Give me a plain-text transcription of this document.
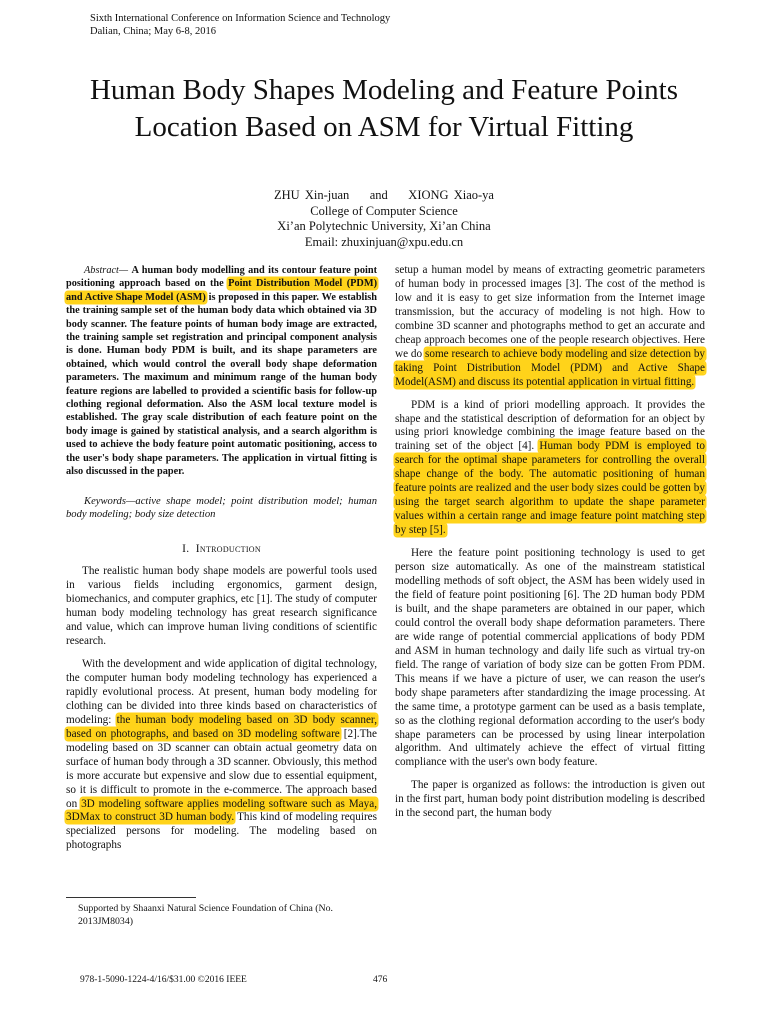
Sixth International Conference on Information Science and Technology
Dalian, China; May 6-8, 2016
Human Body Shapes Modeling and Feature Points
Location Based on ASM for Virtual Fitting
ZHU Xin-juan    and    XIONG Xiao-ya
College of Computer Science
Xi’an Polytechnic University, Xi’an China
Email: zhuxinjuan@xpu.edu.cn

Abstract— A human body modelling and its contour feature point positioning approach based on the Point Distribution Model (PDM) and Active Shape Model (ASM) is proposed in this paper. We establish the training sample set of the human body data which obtained via 3D body scanner. The feature points of human body image are extracted, the training sample set registration and principal component analysis is done. Human body PDM is built, and its shape parameters are obtained, which would control the overall body shape deformation parameters. The maximum and minimum range of the human body feature regions are labelled to provided a scientific basis for follow-up clothing regional deformation. Also the ASM local texture model is established. The gray scale distribution of each feature point on the body image is gained by statistical analysis, and a search algorithm is used to achieve the body feature point automatic positioning, access to the user's body shape parameters. The application in virtual fitting is also discussed in the paper.

Keywords—active shape model; point distribution model; human body modeling; body size detection

I. Introduction

The realistic human body shape models are powerful tools used in various fields including ergonomics, garment design, biomechanics, and computer graphics, etc [1]. The study of computer human body modeling technology has great research significance and value, which can improve human living conditions of scientific research.

With the development and wide application of digital technology, the computer human body modeling technology has experienced a rapidly evolutional process. At present, human body modeling for clothing can be divided into three kinds based on characteristics of modeling: the human body modeling based on 3D body scanner, based on photographs, and based on 3D modeling software [2].The modeling based on 3D scanner can obtain actual geometry data on surface of human body through a 3D scanner. Obviously, this method is more accurate but expensive and slow due to essential equipment, so it is difficult to promote in the e-commerce. The approach based on 3D modeling software applies modeling software such as Maya, 3DMax to construct 3D human body. This kind of modeling requires specialized persons for modeling. The modeling based on photographs

setup a human model by means of extracting geometric parameters of human body in processed images [3]. The cost of the method is low and it is easy to get size information from the Internet image transmission, but the accuracy of modeling is not high. How to combine 3D scanner and photographs method to get an accurate and cheap approach becomes one of the people research objectives. Here we do some research to achieve body modeling and size detection by taking Point Distribution Model (PDM) and Active Shape Model(ASM) and discuss its potential application in virtual fitting.

PDM is a kind of priori modelling approach. It provides the shape and the statistical description of deformation for an object by using priori knowledge combining the image feature based on the training set of the object [4]. Human body PDM is employed to search for the optimal shape parameters for controlling the overall shape change of the body. The automatic positioning of human feature points are realized and the user body sizes could be gotten by using the target search algorithm to update the shape parameter values within a certain range and image feature point matching step by step [5].

Here the feature point positioning technology is used to get person size automatically. As one of the mainstream statistical modelling methods of soft object, the ASM has been widely used in the field of feature point positioning [6]. The 2D human body PDM is built, and the shape parameters are obtained in our paper, which could control the overall body shape deformation parameters. There are wide range of potential commercial applications of body PDM and ASM in human technology and daily life such as virtual try-on field. The range of variation of body size can be gotten From PDM. This means if we have a picture of user, we can reason the user's body shape parameters after standardizing the image processing. At the same time, a prototype garment can be used as a basis template, so as the clothing regional deformation according to the user's body shape parameters can be processed by using linear interpolation algorithm. And ultimately achieve the effect of virtual fitting compliance with the user's own body feature.

The paper is organized as follows: the introduction is given out in the first part, human body point distribution modeling is described in the second part, the human body

Supported by Shaanxi Natural Science Foundation of China (No. 2013JM8034)
978-1-5090-1224-4/16/$31.00 ©2016 IEEE	476
